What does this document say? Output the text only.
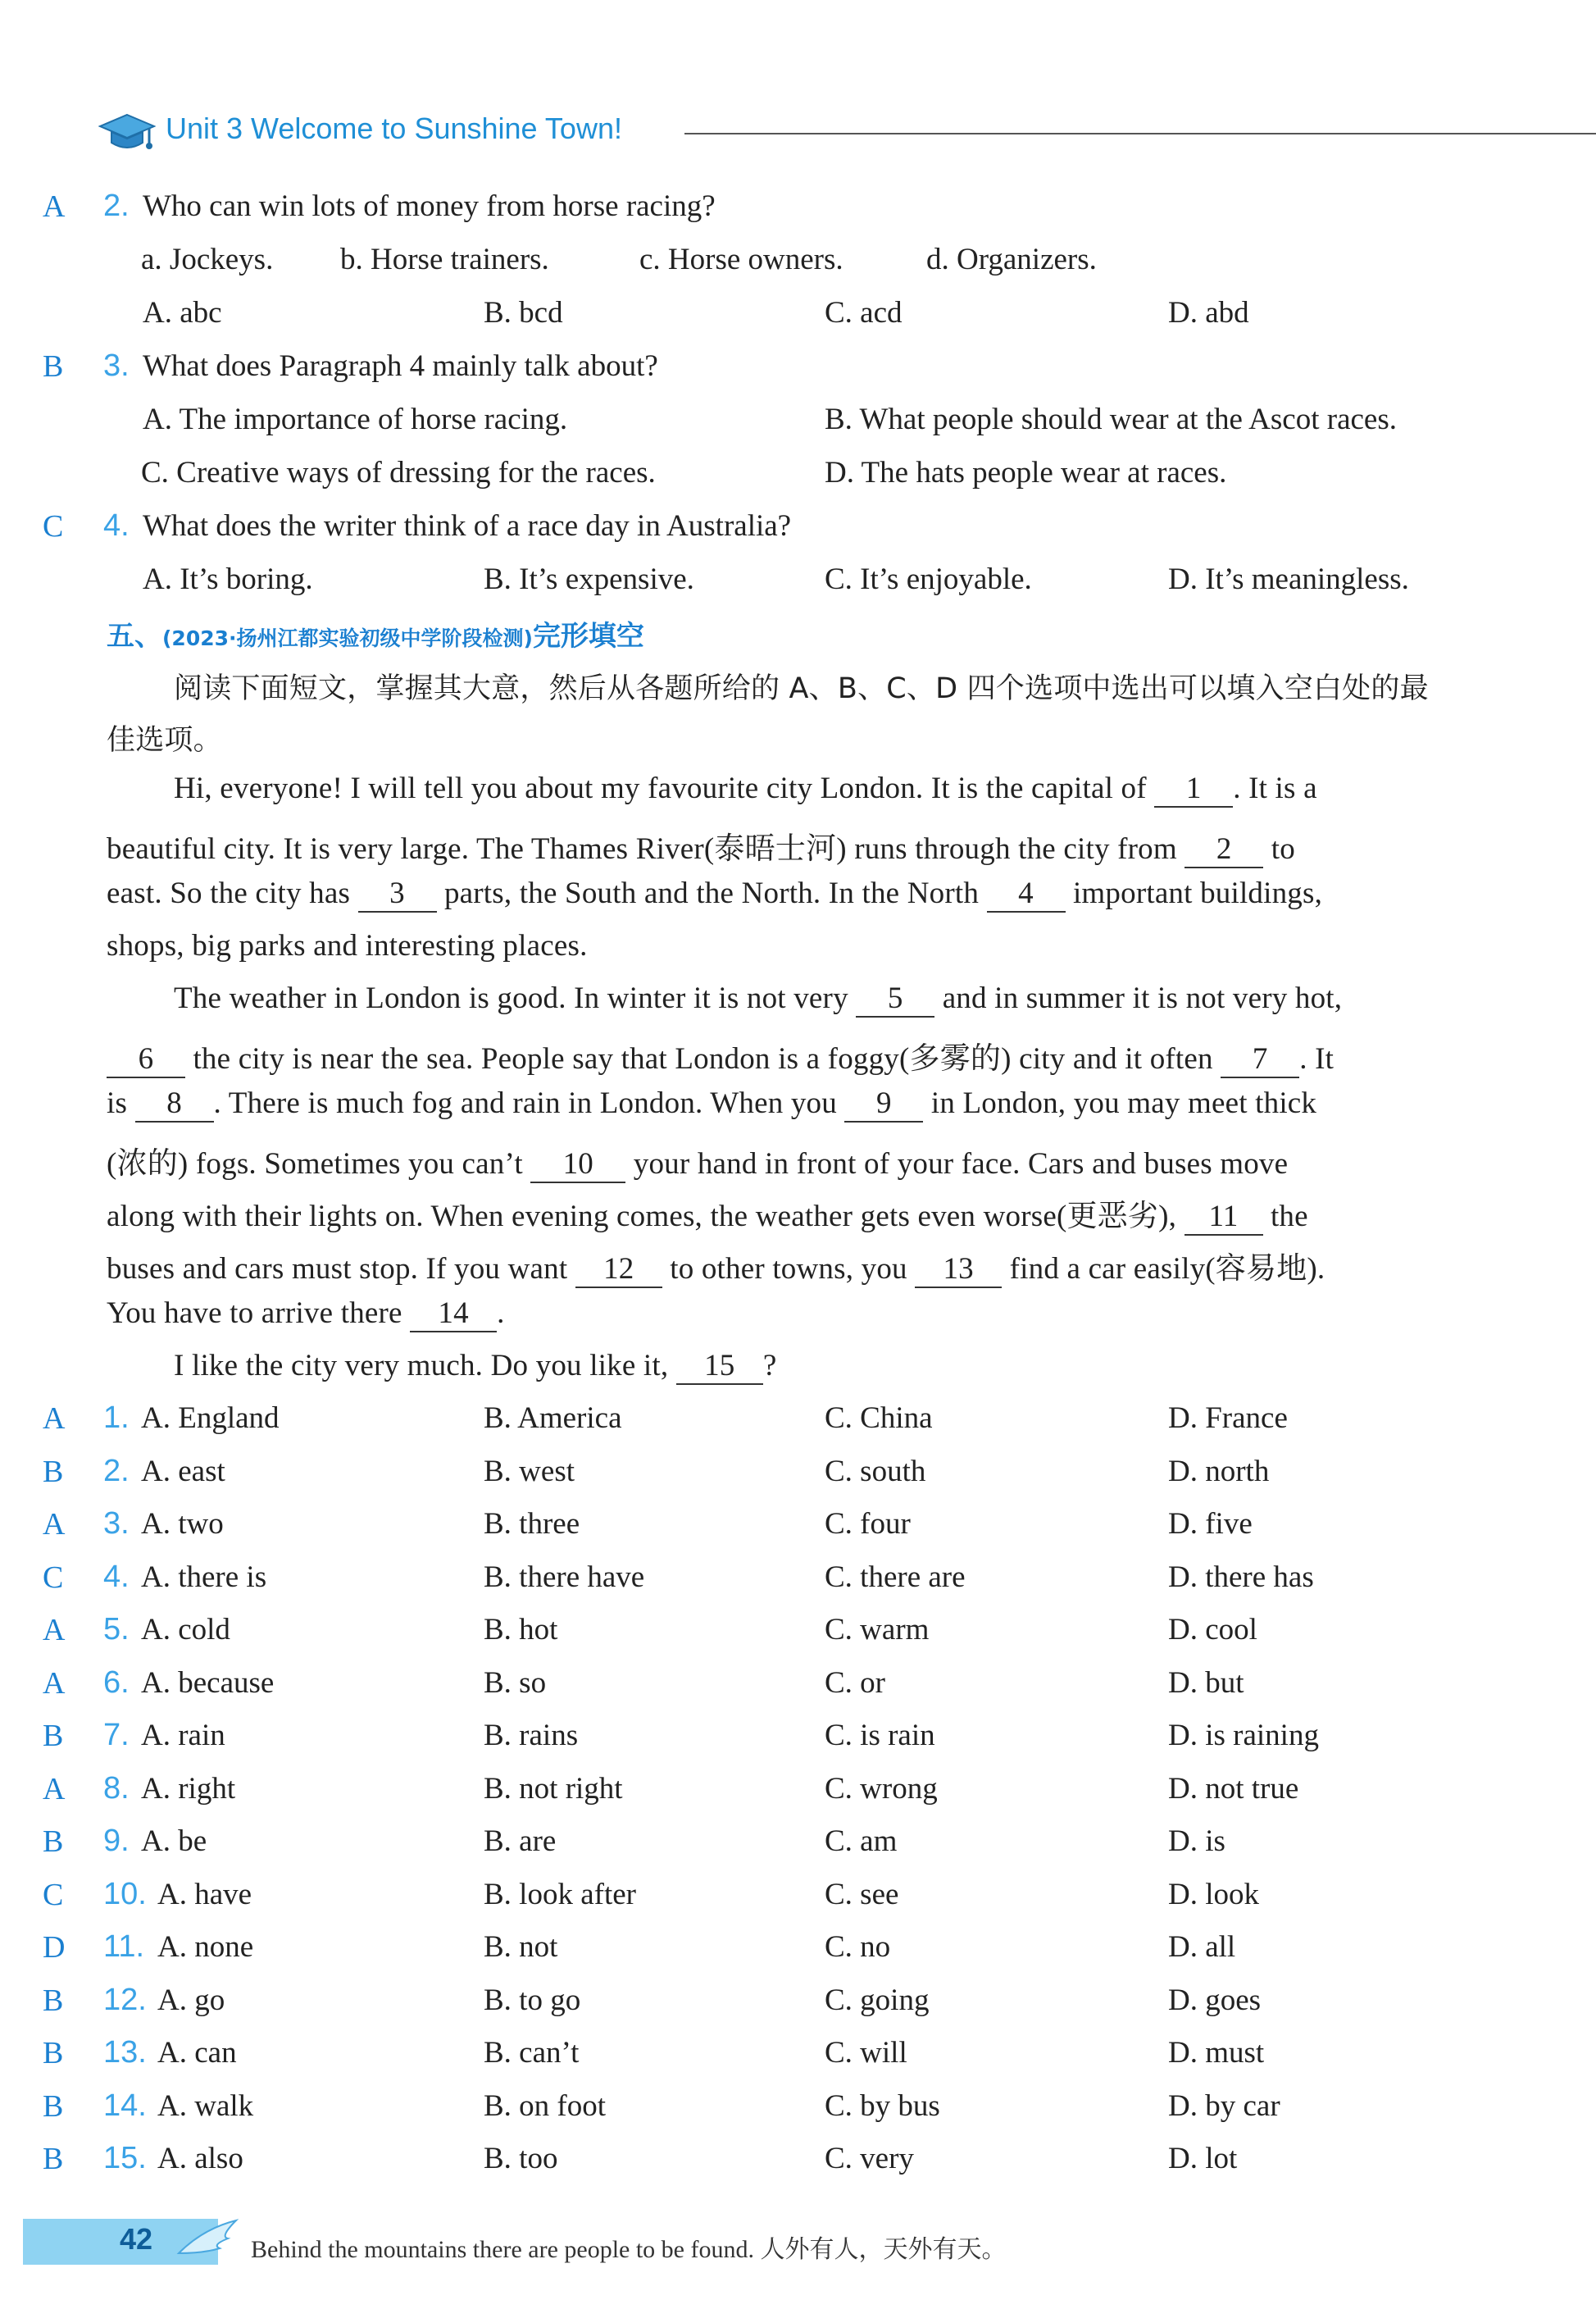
Unit 3 Welcome to Sunshine Town!
A 2. Who can win lots of money from horse racing?
a. Jockeys. b. Horse trainers.	c. Horse owners.	d. Organizers.
A. abc	B. bcd	C. acd	D. abd
B 3. What does Paragraph 4 mainly talk about?
A. The importance of horse racing.	B. What people should wear at the Ascot races.
C. Creative ways of dressing for the races.	D. The hats people wear at races.
C 4. What does the writer think of a race day in Australia?
A. It’s boring.	B. It’s expensive.	C. It’s enjoyable.	D. It’s meaningless.
五、(2023·扬州江都实验初级中学阶段检测)完形填空
阅读下面短文，掌握其大意，然后从各题所给的 A、B、C、D 四个选项中选出可以填入空白处的最
佳选项。
Hi, everyone! I will tell you about my favourite city London. It is the capital of 1 . It is a
beautiful city. It is very large. The Thames River(泰晤士河) runs through the city from 2 to
east. So the city has 3 parts, the South and the North. In the North 4 important buildings,
shops, big parks and interesting places.
The weather in London is good. In winter it is not very 5 and in summer it is not very hot,
6 the city is near the sea. People say that London is a foggy(多雾的) city and it often 7 . It
is 8 . There is much fog and rain in London. When you 9 in London, you may meet thick
(浓的) fogs. Sometimes you can’t 10 your hand in front of your face. Cars and buses move
along with their lights on. When evening comes, the weather gets even worse(更恶劣), 11 the
buses and cars must stop. If you want 12 to other towns, you 13 find a car easily(容易地).
You have to arrive there 14 .
I like the city very much. Do you like it, 15 ?
A 1. A. England	B. America	C. China	D. France
B 2. A. east	B. west	C. south	D. north
A 3. A. two	B. three	C. four	D. five
C 4. A. there is	B. there have	C. there are	D. there has
A 5. A. cold	B. hot	C. warm	D. cool
A 6. A. because	B. so	C. or	D. but
B 7. A. rain	B. rains	C. is rain	D. is raining
A 8. A. right	B. not right	C. wrong	D. not true
B 9. A. be	B. are	C. am	D. is
C 10. A. have	B. look after	C. see	D. look
D 11. A. none	B. not	C. no	D. all
B 12. A. go	B. to go	C. going	D. goes
B 13. A. can	B. can’t	C. will	D. must
B 14. A. walk	B. on foot	C. by bus	D. by car
B 15. A. also	B. too	C. very	D. lot
42	Behind the mountains there are people to be found. 人外有人，天外有天。
